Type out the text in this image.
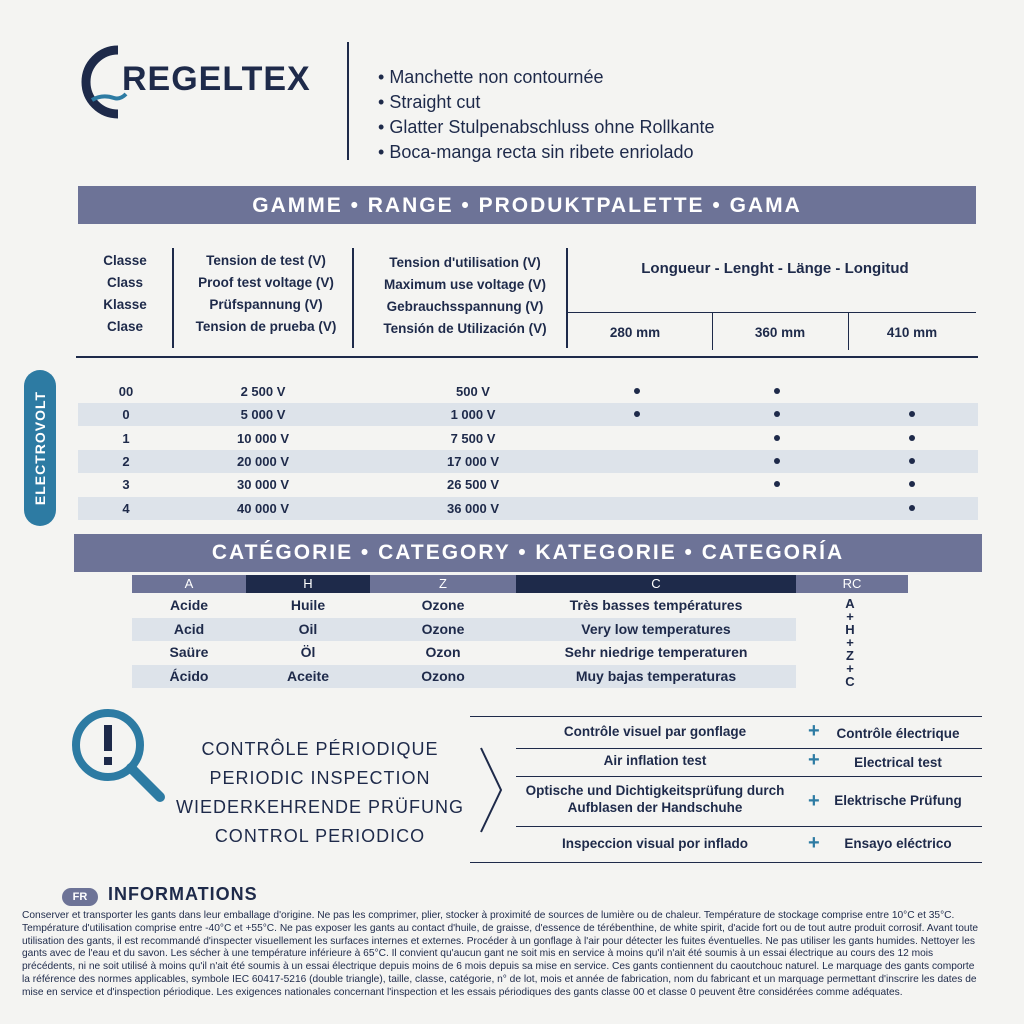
REGELTEX
•	Manchette non contournée
• Straight cut
• Glatter Stulpenabschluss ohne Rollkante
• Boca-manga recta sin ribete enriolado
GAMME • RANGE • PRODUKTPALETTE • GAMA
Classe
Class
Klasse
Clase
Tension de test (V)
Proof test voltage (V)
Prüfspannung (V)
Tension de prueba (V)
Tension d'utilisation (V)
Maximum use voltage (V)
Gebrauchsspannung (V)
Tensión de Utilización (V)
Longueur - Lenght - Länge - Longitud
280 mm	360 mm	410 mm
ELECTROVOLT	00	2 500 V	500 V
0	5 000 V	1 000 V
1	10 000 V	7 500 V
2	20 000 V	17 000 V
3	30 000 V	26 500 V
4	40 000 V	36 000 V
CATÉGORIE • CATEGORY • KATEGORIE • CATEGORÍA
A	H	Z	C	RC
Acide	Huile	Ozone	Très basses températures
Acid	Oil	Ozone	Very low temperatures
Saüre	Öl	Ozon	Sehr niedrige temperaturen
Ácido	Aceite	Ozono	Muy bajas temperaturas
A
+
H
+
Z
+
C
CONTRÔLE PÉRIODIQUE
PERIODIC INSPECTION
WIEDERKEHRENDE PRÜFUNG
CONTROL PERIODICO
Contrôle visuel par gonflage	+	Contrôle électrique
Air inflation test	+	Electrical test
Optische und Dichtigkeitsprüfung durch Aufblasen der Handschuhe	+	Elektrische Prüfung
Inspeccion visual por inflado	+	Ensayo eléctrico
FR	INFORMATIONS
Conserver et transporter les gants dans leur emballage d'origine. Ne pas les comprimer, plier, stocker à proximité de sources de lumière ou de chaleur. Température de stockage comprise entre 10°C et 35°C. Température d'utilisation comprise entre -40°C et +55°C. Ne pas exposer les gants au contact d'huile, de graisse, d'essence de térébenthine, de white spirit, d'acide fort ou de tout autre produit corrosif. Avant toute utilisation des gants, il est recommandé d'inspecter visuellement les surfaces internes et externes. Procéder à un gonflage à l'air pour détecter les fuites éventuelles. Ne pas utiliser les gants humides. Nettoyer les gants avec de l'eau et du savon. Les sécher à une température inférieure à 65°C. Il convient qu'aucun gant ne soit mis en service à moins qu'il n'ait été soumis à un essai électrique au cours des 12 mois précédents, ni ne soit utilisé à moins qu'il n'ait été soumis à un essai électrique depuis moins de 6 mois depuis sa mise en service. Ces gants contiennent du caoutchouc naturel. Le marquage des gants comporte la référence des normes applicables, symbole IEC 60417-5216 (double triangle), taille, classe, catégorie, n° de lot, mois et année de fabrication, nom du fabricant et un marquage permettant d'inscrire les dates de mise en service et d'inspection périodique. Les exigences nationales concernant l'inspection et les essais périodiques des gants classe 00 et classe 0 peuvent être considérées comme adéquates.
